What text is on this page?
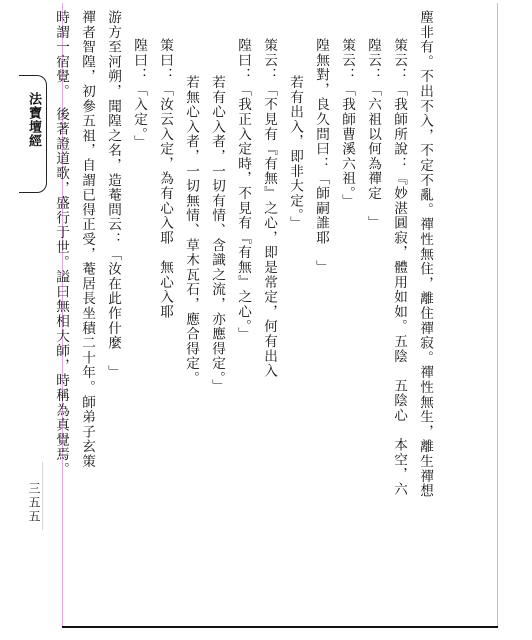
法寶壇經
三五五
時謂一宿覺。　後著證道歌，盛行于世。謚曰無相大師，時稱為真覺焉。 禪者智隍，初參五祖，自謂已得正受，菴居長坐積二十年。師弟子玄策 游方至河朔，聞隍之名，造菴問云：「汝在此作什麼　」 隍曰：「入定。」 策曰：「汝云入定，為有心入耶　無心入耶 若無心入者，一切無情、草木瓦石，應合得定。 若有心入者，一切有情、含識之流，亦應得定。」 隍曰：「我正入定時，不見有『有無』之心。」 策云：「不見有『有無』之心，即是常定，何有出入 若有出入，即非大定。」 隍無對，良久問曰：「師嗣誰耶　」 策云：「我師曹溪六祖。」 隍云：「六祖以何為禪定　」 策云：「我師所說：『妙湛圓寂，體用如如。五陰　五陰心　本空，六 塵非有。不出不入，不定不亂。禪性無住，離住禪寂。禪性無生，離生禪想
